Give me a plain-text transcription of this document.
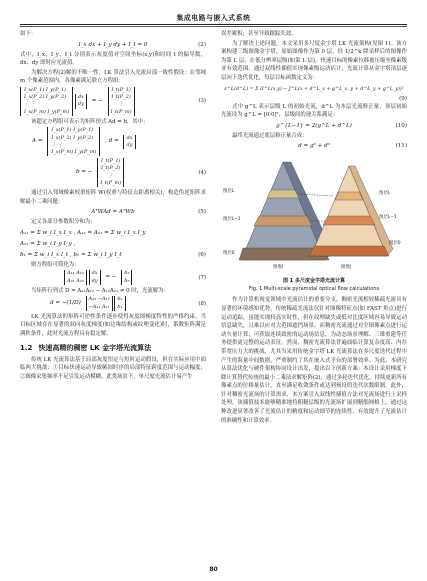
集成电路与嵌入式系统

如下：

I_x dx + I_y dy + I_t = 0	(2)

式中，I_x、I_y、I_t 分别表示灰度值对空间坐标(x,y)和时间 t 的偏导数，dx、dy 即时应光流值。

为解决方程(2)解的不唯一性，LK 算法引入光流局部一致性假设：在邻域 m 个像素范围内，各像素满足联立方程组：

I_x(P_1) I_y(P_1)
I_x(P_2) I_y(P_2)
⋮ ⋮
I_x(P_m) I_y(P_m)

dx
dy
= −
I_t(P_1)
I_t(P_2)
⋮
I_t(P_m)
(3)

该超定方程组可表示为矩阵形式 Ad = b，其中：

A =
I_x(P_1) I_y(P_1)
I_x(P_2) I_y(P_2)
⋮ ⋮
I_x(P_m) I_y(P_m)
, d =
dx
dy
b = −
I_t(P_1)
I_t(P_2)
⋮
I_t(P_m)
(4)

通过引入邻域像素权重矩阵 W(权重与特征点距离相关)，构造伪逆矩阵求解最小二乘问题：

AᵀWAd = AᵀWb	(5)

定义各部分参数积分和为：

A₁₁ = Σ w_i I_x I_x , A₁₂ = A₂₁ = Σ w_i I_x I_y
A₂₂ = Σ w_i I_y I_y ,
b₁ = Σ w_i I_x I_t , b₂ = Σ w_i I_y I_t	(6)

则方程组可简化为：

A₁₁ A₁₂
A₂₁ A₂₂

dx
dy
= −
b₁
b₂	(7)

当矩阵行列式 D = A₁₁A₂₂ − A₁₂A₂₁ ≠ 0 时，光流解为：

d = −(1/D)
A₂₂ −A₁₂
−A₂₁ A₁₁

b₁
b₂	(8)

LK 光流算法的矩阵可逆性条件逐步使得灰度图梯度特性的严格约束。当目标区域存在显著的双向灰度梯度(如边缘结构或纹理变化)时，系数矩阵满足满秩条件，此时光流方程具有稳定解。

1.2 快速高精的稠密 LK 金字塔光流算法

传统 LK 光流算法基于局部灰度恒定与短时运动假设，但在实际应用中面临两大挑战：①目标快速运动导致帧间时序的局部特征跨度范围与运动幅度；②图像采集频率不足引发运动模糊。此类场景下，单尺度光流估计易产生

误差累积，甚至导致跟踪失效。

为了解决上述问题，本文采用多尺度金字塔 LK 光流架构(见图 1)。该方案构建三级图像金字塔，原始图像作为第 0 层，经 1/2^k 降采样后的图像作为第 L 层。在低分辨率层级(如第 L 层)，快速目标的像素位移被压缩至像素级亚有效范围，通过双线性插值实现像素级运动估计，光流计算从金字塔顶层逐层向下迭代优化，每层目标函数定义为：

ε^L(d^L) = Σ (I^L(x,y) − J^L(x + d^L_x + g^L_x, y + d^L_y + g^L_y))²
(9)

式中 g^L 表示层级 L 的初始光流，d^L 为本层光流修正量，顶层初始光流设为 g^L = [0 0]ᵀ，层级间的递关系满足：

g^{L−1} = 2(g^L + d^L)	(10)

最终光流通过底层修正量合成：

d = g⁰ + d⁰	(11)
图层L
图层L−1
图层0
图层L
图层L−1
图层0
图像I	图像J
图 1 多尺度金字塔光流计算
Fig. 1 Multi-scale pyramidal optical flow calculations

作为计算机视觉领域中光流估计的重要分支，稠密光流相较稀疏光流具有显著的环境感知优势。传统稀疏光流法仅针对图像特征点(如 FAST 角点)进行运动追踪，虽能实现较高实时性，但在纹理缺失或低对比度区域容易导致运动信息缺失，且难以应对大范围遮挡场景。而稠密光流通过对全图像素点进行运动矢量计算，可获取连续致密的运动场信息，为动态场景理解、三维重建等任务提供更完整的运动表征。然而，稠密光流算法普遍面临计算复杂度高、内存带宽压力大的挑战，尤其当采用传统金字塔 LK 光流算法在多尺度迭代过程中产生的海量中间数据，严重制约了其在嵌入式平台的部署效率。为此，本研究从算法优化与硬件架构协同设计出发，提出以下创新方案：本设计采用梯度下降计算替代传统的最小二乘法求解矩阵(2)，通过多轮迭代优化，持续更新所有像素点的位移量估计，直至满足收敛条件或达到预设的迭代次数限制。此外，针对稠密光流场的计算需求，本方案引入双线性插值方法对光流场进行上采样处理，该插值技术能够精准地将粗糙层级的光流场扩展到精细网格上，通过这种改进显著改善了光流估计的精度和运动细节的连续性，有效提升了光流估计的准确性和计算效率。

80
